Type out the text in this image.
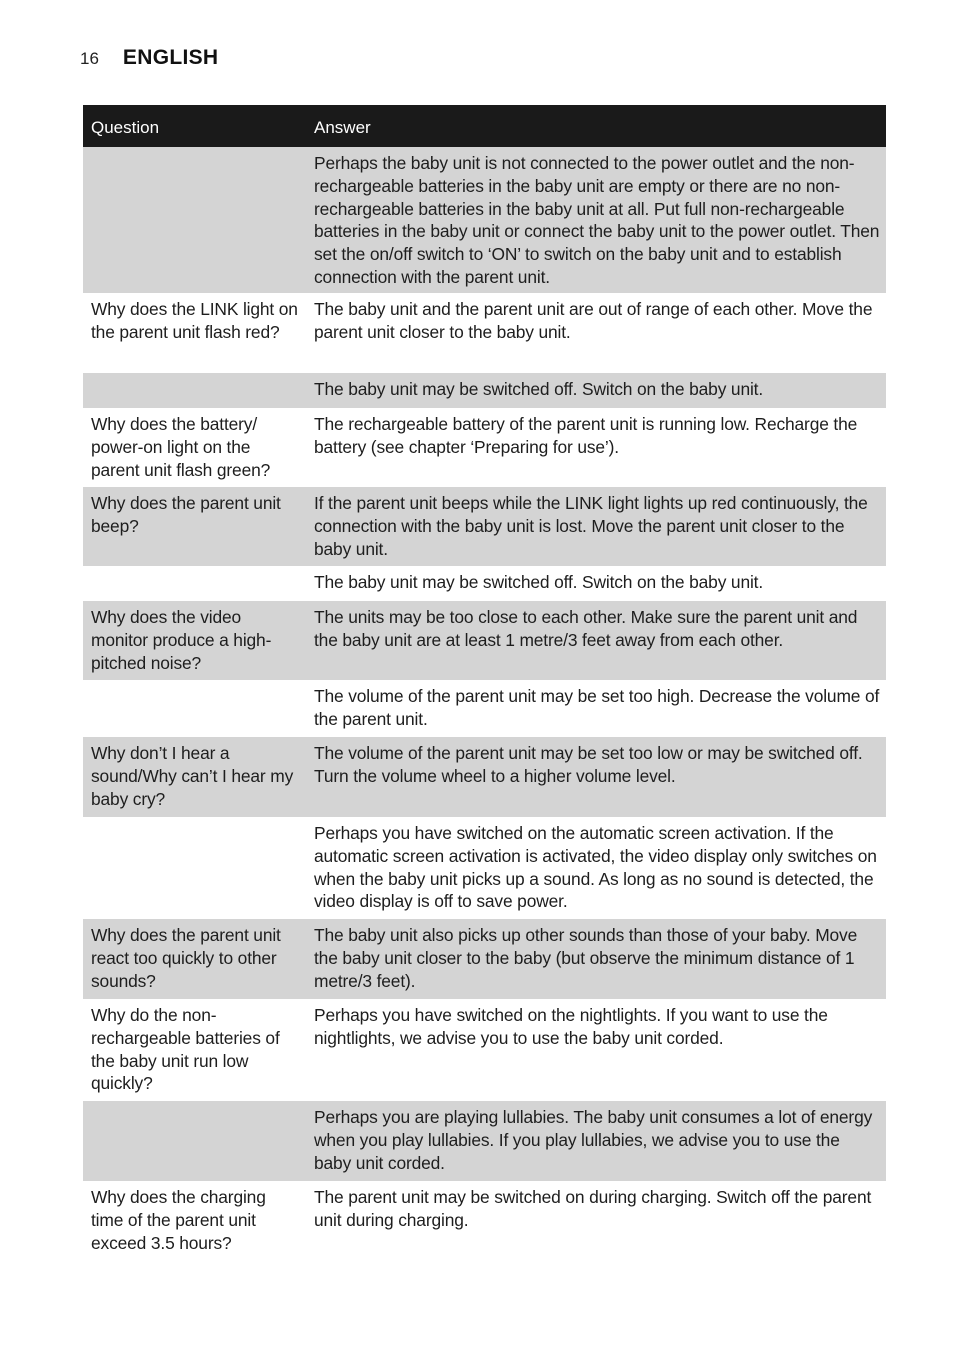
16 ENGLISH
Question	Answer
Perhaps the baby unit is not connected to the power outlet and the non-rechargeable batteries in the baby unit are empty or there are no non-rechargeable batteries in the baby unit at all. Put full non-rechargeable batteries in the baby unit or connect the baby unit to the power outlet. Then set the on/off switch to ‘ON’ to switch on the baby unit and to establish connection with the parent unit.
Why does the LINK light on the parent unit flash red?
The baby unit and the parent unit are out of range of each other. Move the parent unit closer to the baby unit.
The baby unit may be switched off. Switch on the baby unit.
Why does the battery/ power-on light on the parent unit flash green?
The rechargeable battery of the parent unit is running low. Recharge the battery (see chapter ‘Preparing for use’).
Why does the parent unit beep?
If the parent unit beeps while the LINK light lights up red continuously, the connection with the baby unit is lost. Move the parent unit closer to the baby unit.
The baby unit may be switched off. Switch on the baby unit.
Why does the video monitor produce a high-pitched noise?
The units may be too close to each other. Make sure the parent unit and the baby unit are at least 1 metre/3 feet away from each other.
The volume of the parent unit may be set too high. Decrease the volume of the parent unit.
Why don’t I hear a sound/Why can’t I hear my baby cry?
The volume of the parent unit may be set too low or may be switched off. Turn the volume wheel to a higher volume level.
Perhaps you have switched on the automatic screen activation. If the automatic screen activation is activated, the video display only switches on when the baby unit picks up a sound. As long as no sound is detected, the video display is off to save power.
Why does the parent unit react too quickly to other sounds?
The baby unit also picks up other sounds than those of your baby. Move the baby unit closer to the baby (but observe the minimum distance of 1 metre/3 feet).
Why do the non-rechargeable batteries of the baby unit run low quickly?
Perhaps you have switched on the nightlights. If you want to use the nightlights, we advise you to use the baby unit corded.
Perhaps you are playing lullabies. The baby unit consumes a lot of energy when you play lullabies. If you play lullabies, we advise you to use the baby unit corded.
Why does the charging time of the parent unit exceed 3.5 hours?
The parent unit may be switched on during charging. Switch off the parent unit during charging.
